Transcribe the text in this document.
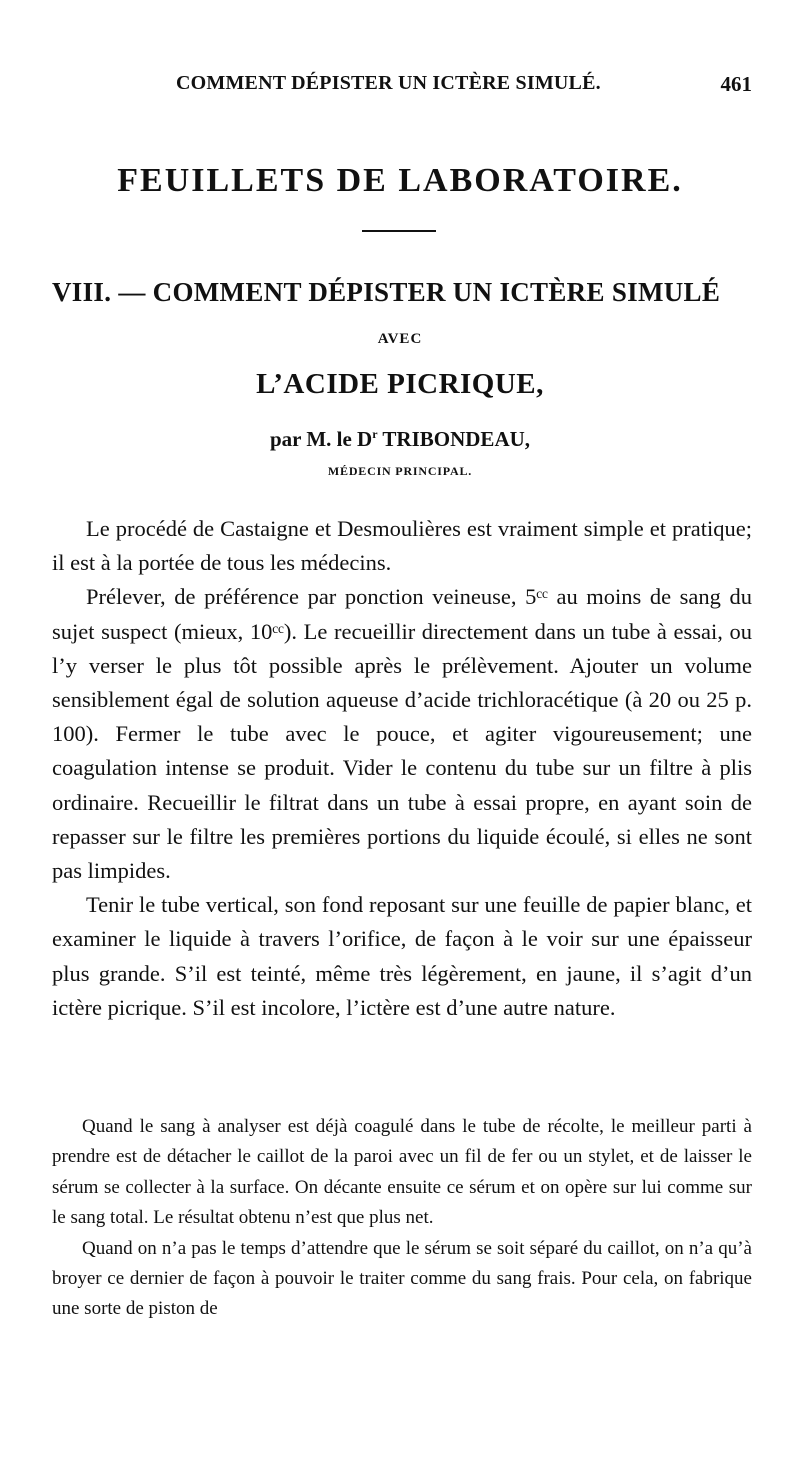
COMMENT DÉPISTER UN ICTÈRE SIMULÉ.	461
FEUILLETS DE LABORATOIRE.
VIII. — COMMENT DÉPISTER UN ICTÈRE SIMULÉ
AVEC
L’ACIDE PICRIQUE,
par M. le $D^r$ TRIBONDEAU,
MÉDECIN PRINCIPAL.

Le procédé de Castaigne et Desmoulières est vraiment simple et pratique; il est à la portée de tous les médecins.

Prélever, de préférence par ponction veineuse, 5ᶜᶜ au moins de sang du sujet suspect (mieux, 10ᶜᶜ). Le recueillir directement dans un tube à essai, ou l’y verser le plus tôt possible après le prélèvement. Ajouter un volume sensiblement égal de solution aqueuse d’acide trichloracétique (à 20 ou 25 p. 100). Fermer le tube avec le pouce, et agiter vigoureusement; une coagulation intense se produit. Vider le contenu du tube sur un filtre à plis ordinaire. Recueillir le filtrat dans un tube à essai propre, en ayant soin de repasser sur le filtre les premières portions du liquide écoulé, si elles ne sont pas limpides.

Tenir le tube vertical, son fond reposant sur une feuille de papier blanc, et examiner le liquide à travers l’orifice, de façon à le voir sur une épaisseur plus grande. S’il est teinté, même très légèrement, en jaune, il s’agit d’un ictère picrique. S’il est incolore, l’ictère est d’une autre nature.

Quand le sang à analyser est déjà coagulé dans le tube de récolte, le meilleur parti à prendre est de détacher le caillot de la paroi avec un fil de fer ou un stylet, et de laisser le sérum se collecter à la surface. On décante ensuite ce sérum et on opère sur lui comme sur le sang total. Le résultat obtenu n’est que plus net.

Quand on n’a pas le temps d’attendre que le sérum se soit séparé du caillot, on n’a qu’à broyer ce dernier de façon à pouvoir le traiter comme du sang frais. Pour cela, on fabrique une sorte de piston de
